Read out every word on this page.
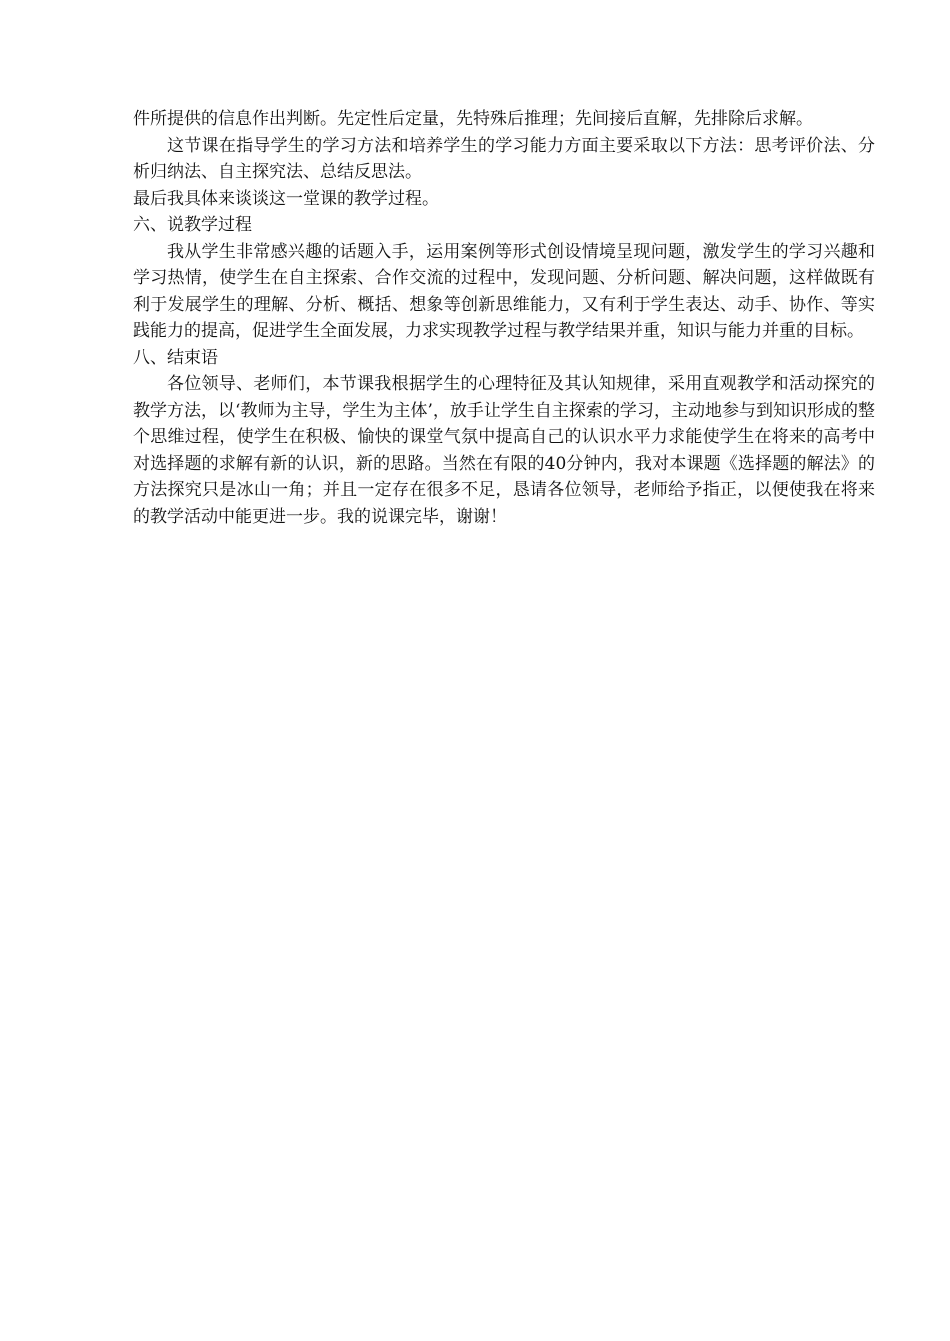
件所提供的信息作出判断。先定性后定量，先特殊后推理；先间接后直解，先排除后求解。

这节课在指导学生的学习方法和培养学生的学习能力方面主要采取以下方法：思考评价法、分析归纳法、自主探究法、总结反思法。

最后我具体来谈谈这一堂课的教学过程。

六、说教学过程

我从学生非常感兴趣的话题入手，运用案例等形式创设情境呈现问题，激发学生的学习兴趣和学习热情，使学生在自主探索、合作交流的过程中，发现问题、分析问题、解决问题，这样做既有利于发展学生的理解、分析、概括、想象等创新思维能力，又有利于学生表达、动手、协作、等实践能力的提高，促进学生全面发展，力求实现教学过程与教学结果并重，知识与能力并重的目标。

八、结束语

各位领导、老师们，本节课我根据学生的心理特征及其认知规律，采用直观教学和活动探究的教学方法，以‘教师为主导，学生为主体’，放手让学生自主探索的学习，主动地参与到知识形成的整个思维过程，使学生在积极、愉快的课堂气氛中提高自己的认识水平力求能使学生在将来的高考中对选择题的求解有新的认识，新的思路。当然在有限的40分钟内，我对本课题《选择题的解法》的方法探究只是冰山一角；并且一定存在很多不足，恳请各位领导，老师给予指正，以便使我在将来的教学活动中能更进一步。我的说课完毕，谢谢！
